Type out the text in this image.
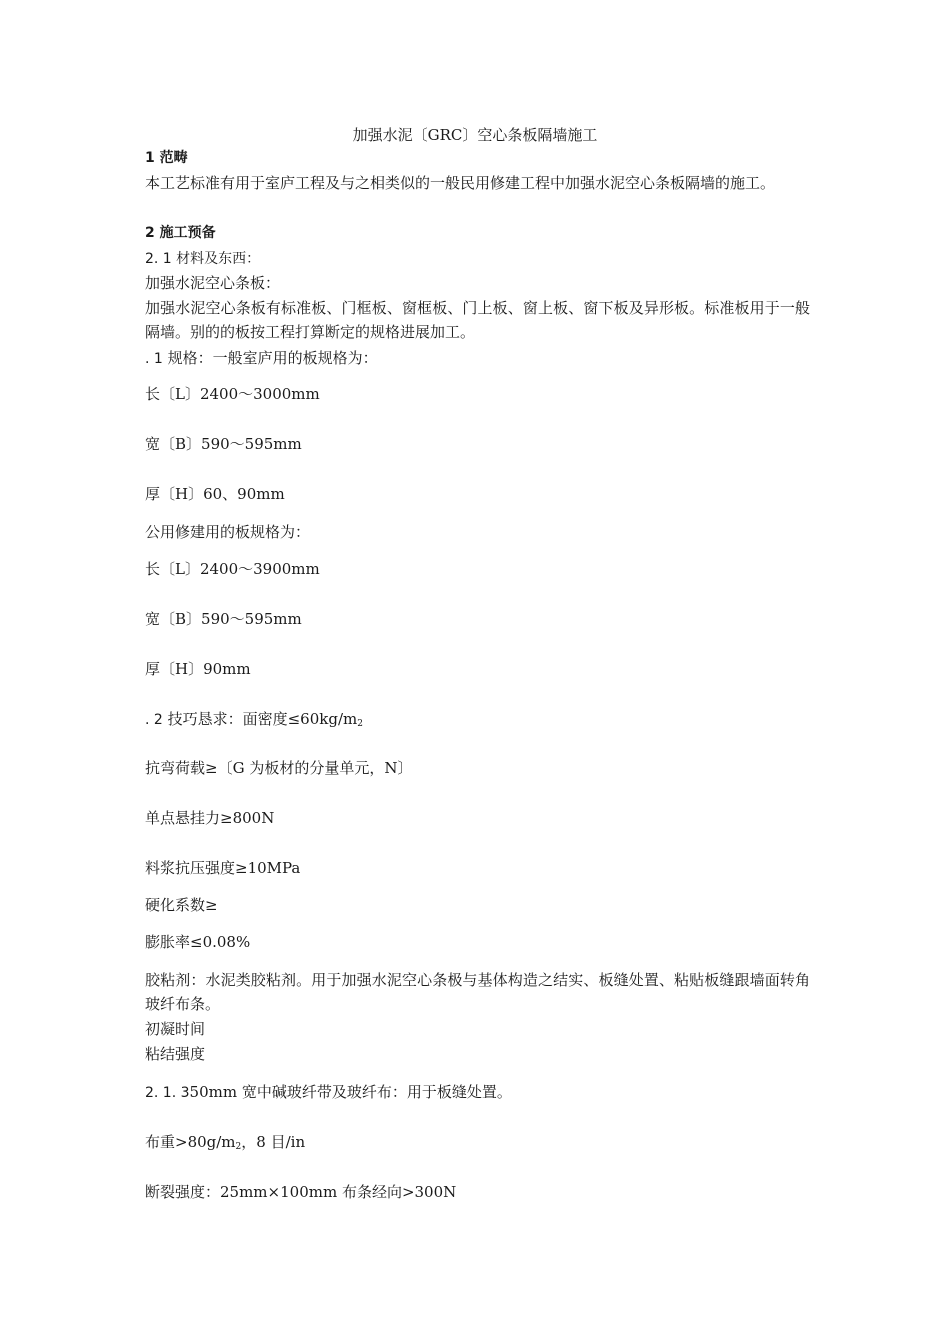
加强水泥〔GRC〕空心条板隔墙施工
1 范畴
本工艺标准有用于室庐工程及与之相类似的一般民用修建工程中加强水泥空心条板隔墙的施工。
2 施工预备
2. 1 材料及东西：
加强水泥空心条板：
加强水泥空心条板有标准板、门框板、窗框板、门上板、窗上板、窗下板及异形板。标准板用于一般隔墙。别的的板按工程打算断定的规格进展加工。
. 1 规格：一般室庐用的板规格为：
长〔L〕2400～3000mm
宽〔B〕590～595mm
厚〔H〕60、90mm
公用修建用的板规格为：
长〔L〕2400～3900mm
宽〔B〕590～595mm
厚〔H〕90mm
. 2 技巧恳求：面密度$\le 60kg/m_2$
抗弯荷载≥〔G 为板材的分量单元，N〕
单点悬挂力≥800N
料浆抗压强度≥10MPa
硬化系数≥
膨胀率≤0.08%
胶粘剂：水泥类胶粘剂。用于加强水泥空心条极与基体构造之结实、板缝处置、粘贴板缝跟墙面转角玻纤布条。
初凝时间
粘结强度
2. 1. 350mm 宽中碱玻纤带及玻纤布：用于板缝处置。
布重$>80g/m_2$，8 目/in
断裂强度：25mm×100mm 布条经向>300N
